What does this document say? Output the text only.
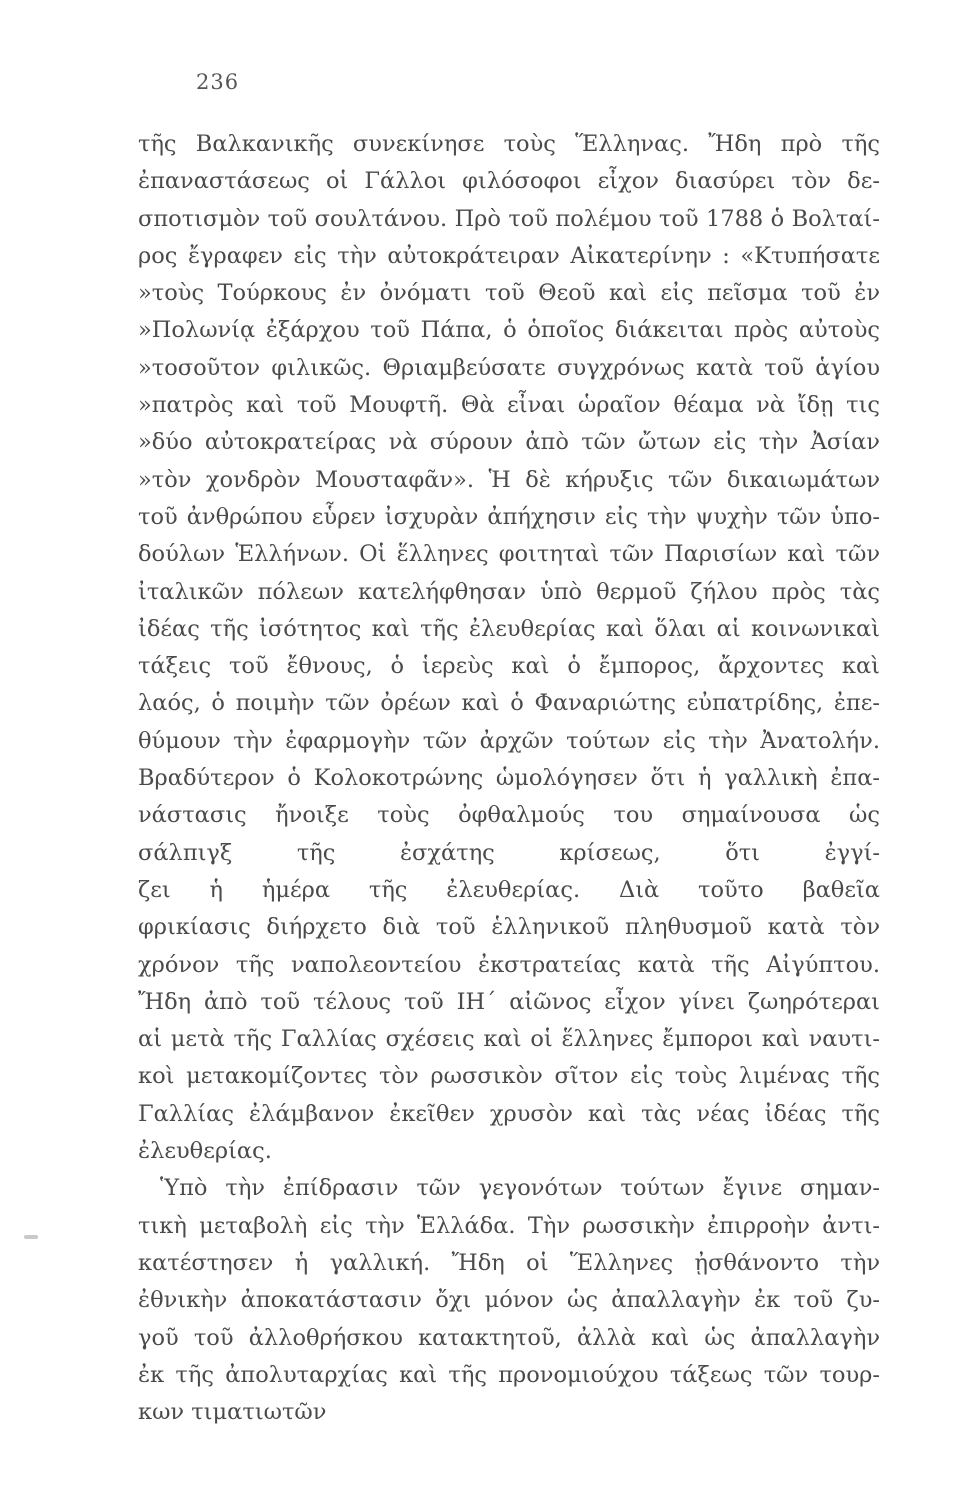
236
τῆς Βαλκανικῆς συνεκίνησε τοὺς Ἕλληνας. Ἤδη πρὸ τῆς
ἐπαναστάσεως οἱ Γάλλοι φιλόσοφοι εἶχον διασύρει τὸν δε-
σποτισμὸν τοῦ σουλτάνου. Πρὸ τοῦ πολέμου τοῦ 1788 ὁ Βολταί-
ρος ἔγραφεν εἰς τὴν αὐτοκράτειραν Αἰκατερίνην : «Κτυπήσατε
»τοὺς Τούρκους ἐν ὀνόματι τοῦ Θεοῦ καὶ εἰς πεῖσμα τοῦ ἐν
»Πολωνίᾳ ἐξάρχου τοῦ Πάπα, ὁ ὁποῖος διάκειται πρὸς αὐτοὺς
»τοσοῦτον φιλικῶς. Θριαμβεύσατε συγχρόνως κατὰ τοῦ ἁγίου
»πατρὸς καὶ τοῦ Μουφτῆ. Θὰ εἶναι ὡραῖον θέαμα νὰ ἴδῃ τις
»δύο αὐτοκρατείρας νὰ σύρουν ἀπὸ τῶν ὤτων εἰς τὴν Ἀσίαν
»τὸν χονδρὸν Μουσταφᾶν». Ἡ δὲ κήρυξις τῶν δικαιωμάτων
τοῦ ἀνθρώπου εὗρεν ἰσχυρὰν ἀπήχησιν εἰς τὴν ψυχὴν τῶν ὑπο-
δούλων Ἑλλήνων. Οἱ ἕλληνες φοιτηταὶ τῶν Παρισίων καὶ τῶν
ἰταλικῶν πόλεων κατελήφθησαν ὑπὸ θερμοῦ ζήλου πρὸς τὰς
ἰδέας τῆς ἰσότητος καὶ τῆς ἐλευθερίας καὶ ὅλαι αἱ κοινωνικαὶ
τάξεις τοῦ ἔθνους, ὁ ἱερεὺς καὶ ὁ ἔμπορος, ἄρχοντες καὶ
λαός, ὁ ποιμὴν τῶν ὀρέων καὶ ὁ Φαναριώτης εὐπατρίδης, ἐπε-
θύμουν τὴν ἐφαρμογὴν τῶν ἀρχῶν τούτων εἰς τὴν Ἀνατολήν.
Βραδύτερον ὁ Κολοκοτρώνης ὡμολόγησεν ὅτι ἡ γαλλικὴ ἐπα-
νάστασις ἤνοιξε τοὺς ὀφθαλμούς του σημαίνουσα ὡς
σάλπιγξ τῆς ἐσχάτης κρίσεως, ὅτι ἐγγί-
ζει ἡ ἡμέρα τῆς ἐλευθερίας. Διὰ τοῦτο βαθεῖα
φρικίασις διήρχετο διὰ τοῦ ἑλληνικοῦ πληθυσμοῦ κατὰ τὸν
χρόνον τῆς ναπολεοντείου ἐκστρατείας κατὰ τῆς Αἰγύπτου.
Ἤδη ἀπὸ τοῦ τέλους τοῦ ΙΗ´ αἰῶνος εἶχον γίνει ζωηρότεραι
αἱ μετὰ τῆς Γαλλίας σχέσεις καὶ οἱ ἕλληνες ἔμποροι καὶ ναυτι-
κοὶ μετακομίζοντες τὸν ρωσσικὸν σῖτον εἰς τοὺς λιμένας τῆς
Γαλλίας ἐλάμβανον ἐκεῖθεν χρυσὸν καὶ τὰς νέας ἰδέας τῆς
ἐλευθερίας.
Ὑπὸ τὴν ἐπίδρασιν τῶν γεγονότων τούτων ἔγινε σημαν-
τικὴ μεταβολὴ εἰς τὴν Ἑλλάδα. Τὴν ρωσσικὴν ἐπιρροὴν ἀντι-
κατέστησεν ἡ γαλλική. Ἤδη οἱ Ἕλληνες ᾐσθάνοντο τὴν
ἐθνικὴν ἀποκατάστασιν ὄχι μόνον ὡς ἀπαλλαγὴν ἐκ τοῦ ζυ-
γοῦ τοῦ ἀλλοθρήσκου κατακτητοῦ, ἀλλὰ καὶ ὡς ἀπαλλαγὴν
ἐκ τῆς ἀπολυταρχίας καὶ τῆς προνομιούχου τάξεως τῶν τουρ-
κων τιματιωτῶν
